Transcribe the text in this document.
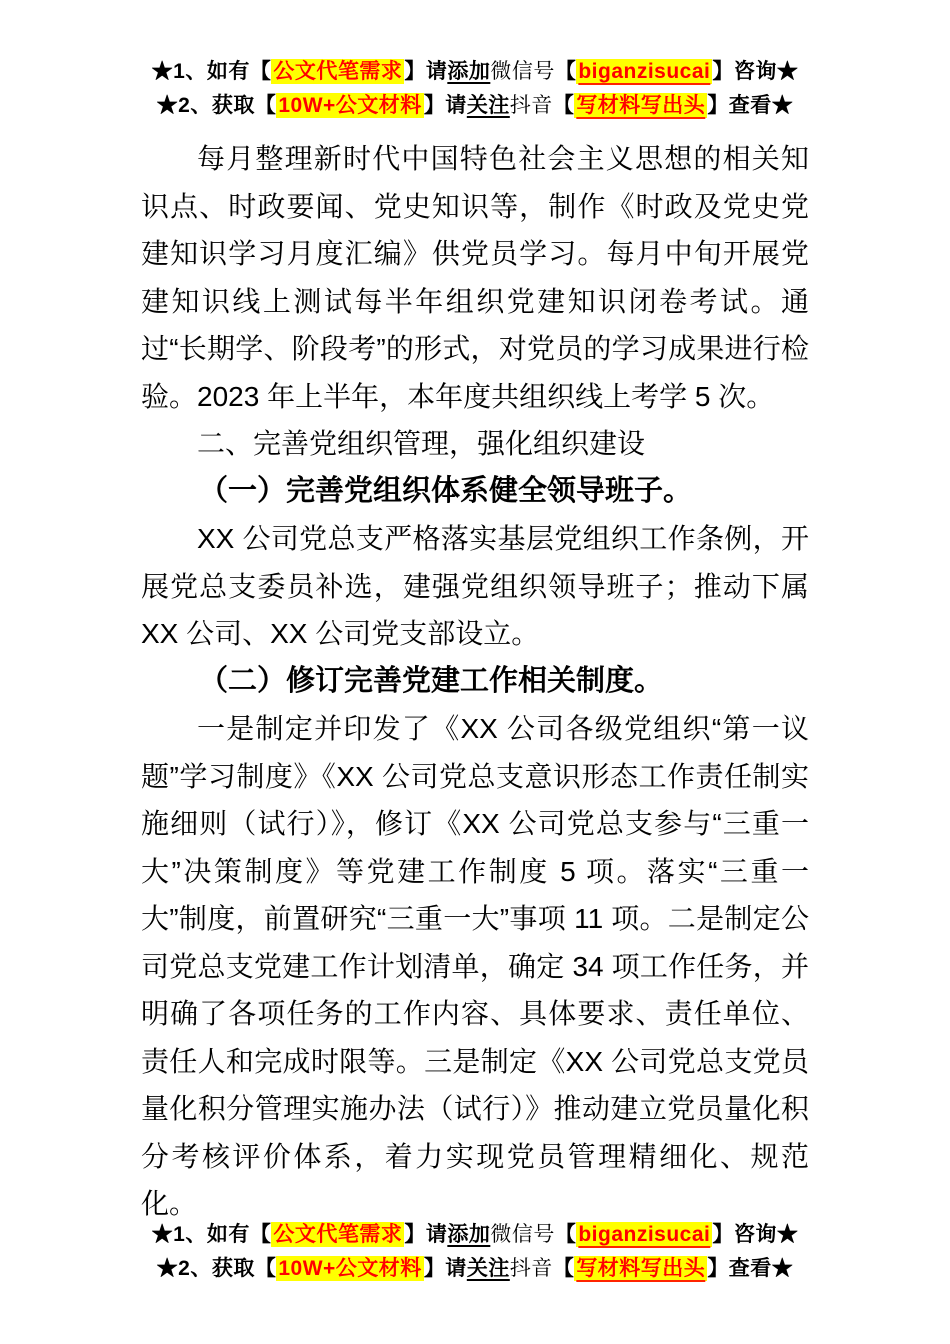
★1、如有【公文代笔需求】请添加微信号【biganzisucai】咨询★
★2、获取【10W+公文材料】请关注抖音【写材料写出头】查看★

每月整理新时代中国特色社会主义思想的相关知识点、时政要闻、党史知识等，制作《时政及党史党建知识学习月度汇编》供党员学习。每月中旬开展党建知识线上测试每半年组织党建知识闭卷考试。通过“长期学、阶段考”的形式，对党员的学习成果进行检验。2023 年上半年，本年度共组织线上考学 5 次。

二、完善党组织管理，强化组织建设
（一）完善党组织体系健全领导班子。

XX 公司党总支严格落实基层党组织工作条例，开展党总支委员补选，建强党组织领导班子；推动下属 XX 公司、XX 公司党支部设立。

（二）修订完善党建工作相关制度。

一是制定并印发了《XX 公司各级党组织“第一议题”学习制度》《XX 公司党总支意识形态工作责任制实施细则（试行）》，修订《XX 公司党总支参与“三重一大”决策制度》等党建工作制度 5 项。落实“三重一大”制度，前置研究“三重一大”事项 11 项。二是制定公司党总支党建工作计划清单，确定 34 项工作任务，并明确了各项任务的工作内容、具体要求、责任单位、责任人和完成时限等。三是制定《XX 公司党总支党员量化积分管理实施办法（试行）》推动建立党员量化积分考核评价体系，着力实现党员管理精细化、规范化。

★1、如有【公文代笔需求】请添加微信号【biganzisucai】咨询★
★2、获取【10W+公文材料】请关注抖音【写材料写出头】查看★
